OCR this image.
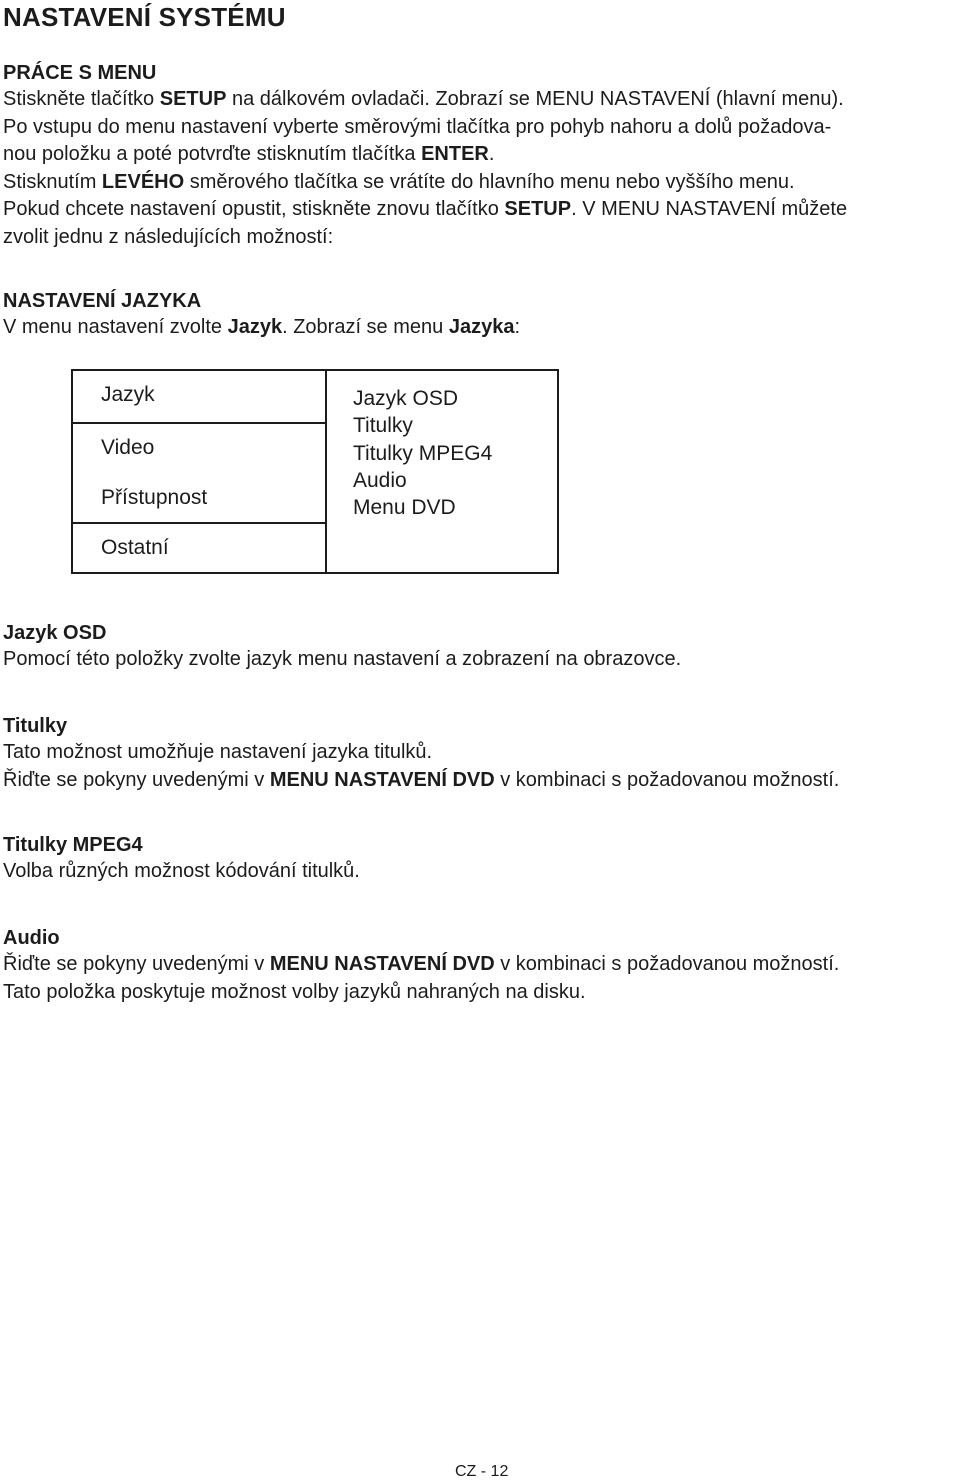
NASTAVENÍ SYSTÉMU
PRÁCE S MENU
Stiskněte tlačítko SETUP na dálkovém ovladači. Zobrazí se MENU NASTAVENÍ (hlavní menu).
Po vstupu do menu nastavení vyberte směrovými tlačítka pro pohyb nahoru a dolů požadova-
nou položku a poté potvrďte stisknutím tlačítka ENTER.
Stisknutím LEVÉHO směrového tlačítka se vrátíte do hlavního menu nebo vyššího menu.
Pokud chcete nastavení opustit, stiskněte znovu tlačítko SETUP. V MENU NASTAVENÍ můžete
zvolit jednu z následujících možností:
NASTAVENÍ JAZYKA
V menu nastavení zvolte Jazyk. Zobrazí se menu Jazyka:
Jazyk
Video
Přístupnost
Ostatní
Jazyk OSD
Titulky
Titulky MPEG4
Audio
Menu DVD
Jazyk OSD
Pomocí této položky zvolte jazyk menu nastavení a zobrazení na obrazovce.
Titulky
Tato možnost umožňuje nastavení jazyka titulků.
Řiďte se pokyny uvedenými v MENU NASTAVENÍ DVD v kombinaci s požadovanou možností.
Titulky MPEG4
Volba různých možnost kódování titulků.
Audio
Řiďte se pokyny uvedenými v MENU NASTAVENÍ DVD v kombinaci s požadovanou možností.
Tato položka poskytuje možnost volby jazyků nahraných na disku.
CZ - 12
